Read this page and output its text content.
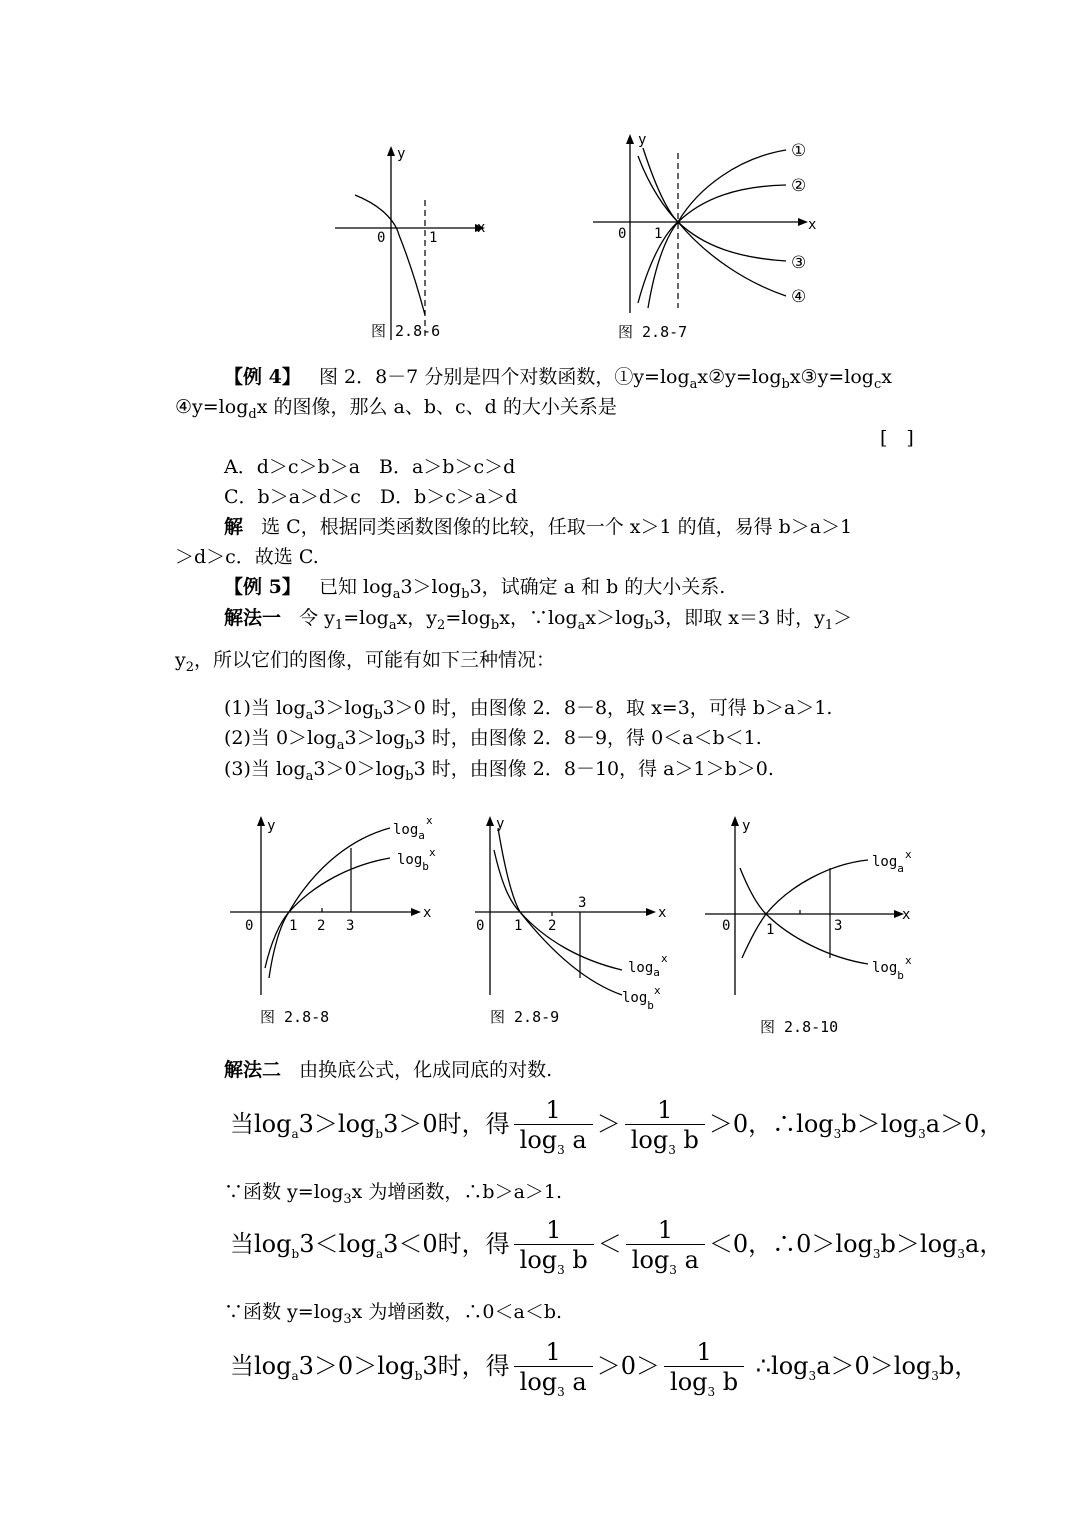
y
x
0	1
图 2.8-6
y
x
0 1
①
②
③
④
图 2.8-7
【例 4】 图 2．8－7 分别是四个对数函数，$①y=\log_ax②y=\log_bx③y=\log_cx$
$④y=\log_dx$ 的图像，那么 a、b、c、d 的大小关系是
[　]
A．d＞c＞b＞a　B．a＞b＞c＞d
C．b＞a＞d＞c　D．b＞c＞a＞d
解 选 C，根据同类函数图像的比较，任取一个 x＞1 的值，易得 b＞a＞1
＞d＞c．故选 C.
【例 5】 已知 $\log_a3>\log_b3$，试确定 a 和 b 的大小关系.
解法一 令 $y_1=\log_ax$，$y_2=\log_bx$，$\because\log_ax>\log_b3$，即取 x＝3 时，$y_1>$
$y_2$，所以它们的图像，可能有如下三种情况：
(1)当 $\log_a3>\log_b3>0$ 时，由图像 2．8－8，取 x=3，可得 b＞a＞1.
(2)当 $0>\log_a3>\log_b3$ 时，由图像 2．8－9，得 0＜a＜b＜1.
(3)当 $\log_a3>0>\log_b3$ 时，由图像 2．8－10，得 a＞1＞b＞0.
y
x
0	1 2 3
$\log_a$
x
$\log_b$
x
图 2.8-8
y
x
0 1 2
3
$\log_a$
x
$\log_b$
x
图 2.8-9
y
x
0	1	3
$\log_a$
x
$\log_b$
x
图 2.8-10
解法二 由换底公式，化成同底的对数.
当$\log_a3>\log_b3>0$时，得 $\frac{1}{\log_3 a} > \frac{1}{\log_3 b} >0$，$\therefore\log_3b>\log_3a>0$，
∵函数 $y=\log_3x$ 为增函数，∴b＞a＞1.
当$\log_b3<\log_a3<0$时，得 $\frac{1}{\log_3 b} < \frac{1}{\log_3 a} <0$，$\therefore 0>\log_3b>\log_3a$，
∵函数 $y=\log_3x$ 为增函数，∴0＜a＜b.
当$\log_a3>0>\log_b3$时，得 $\frac{1}{\log_3 a} >0> \frac{1}{\log_3 b}$ $\therefore\log_3a>0>\log_3b$，
